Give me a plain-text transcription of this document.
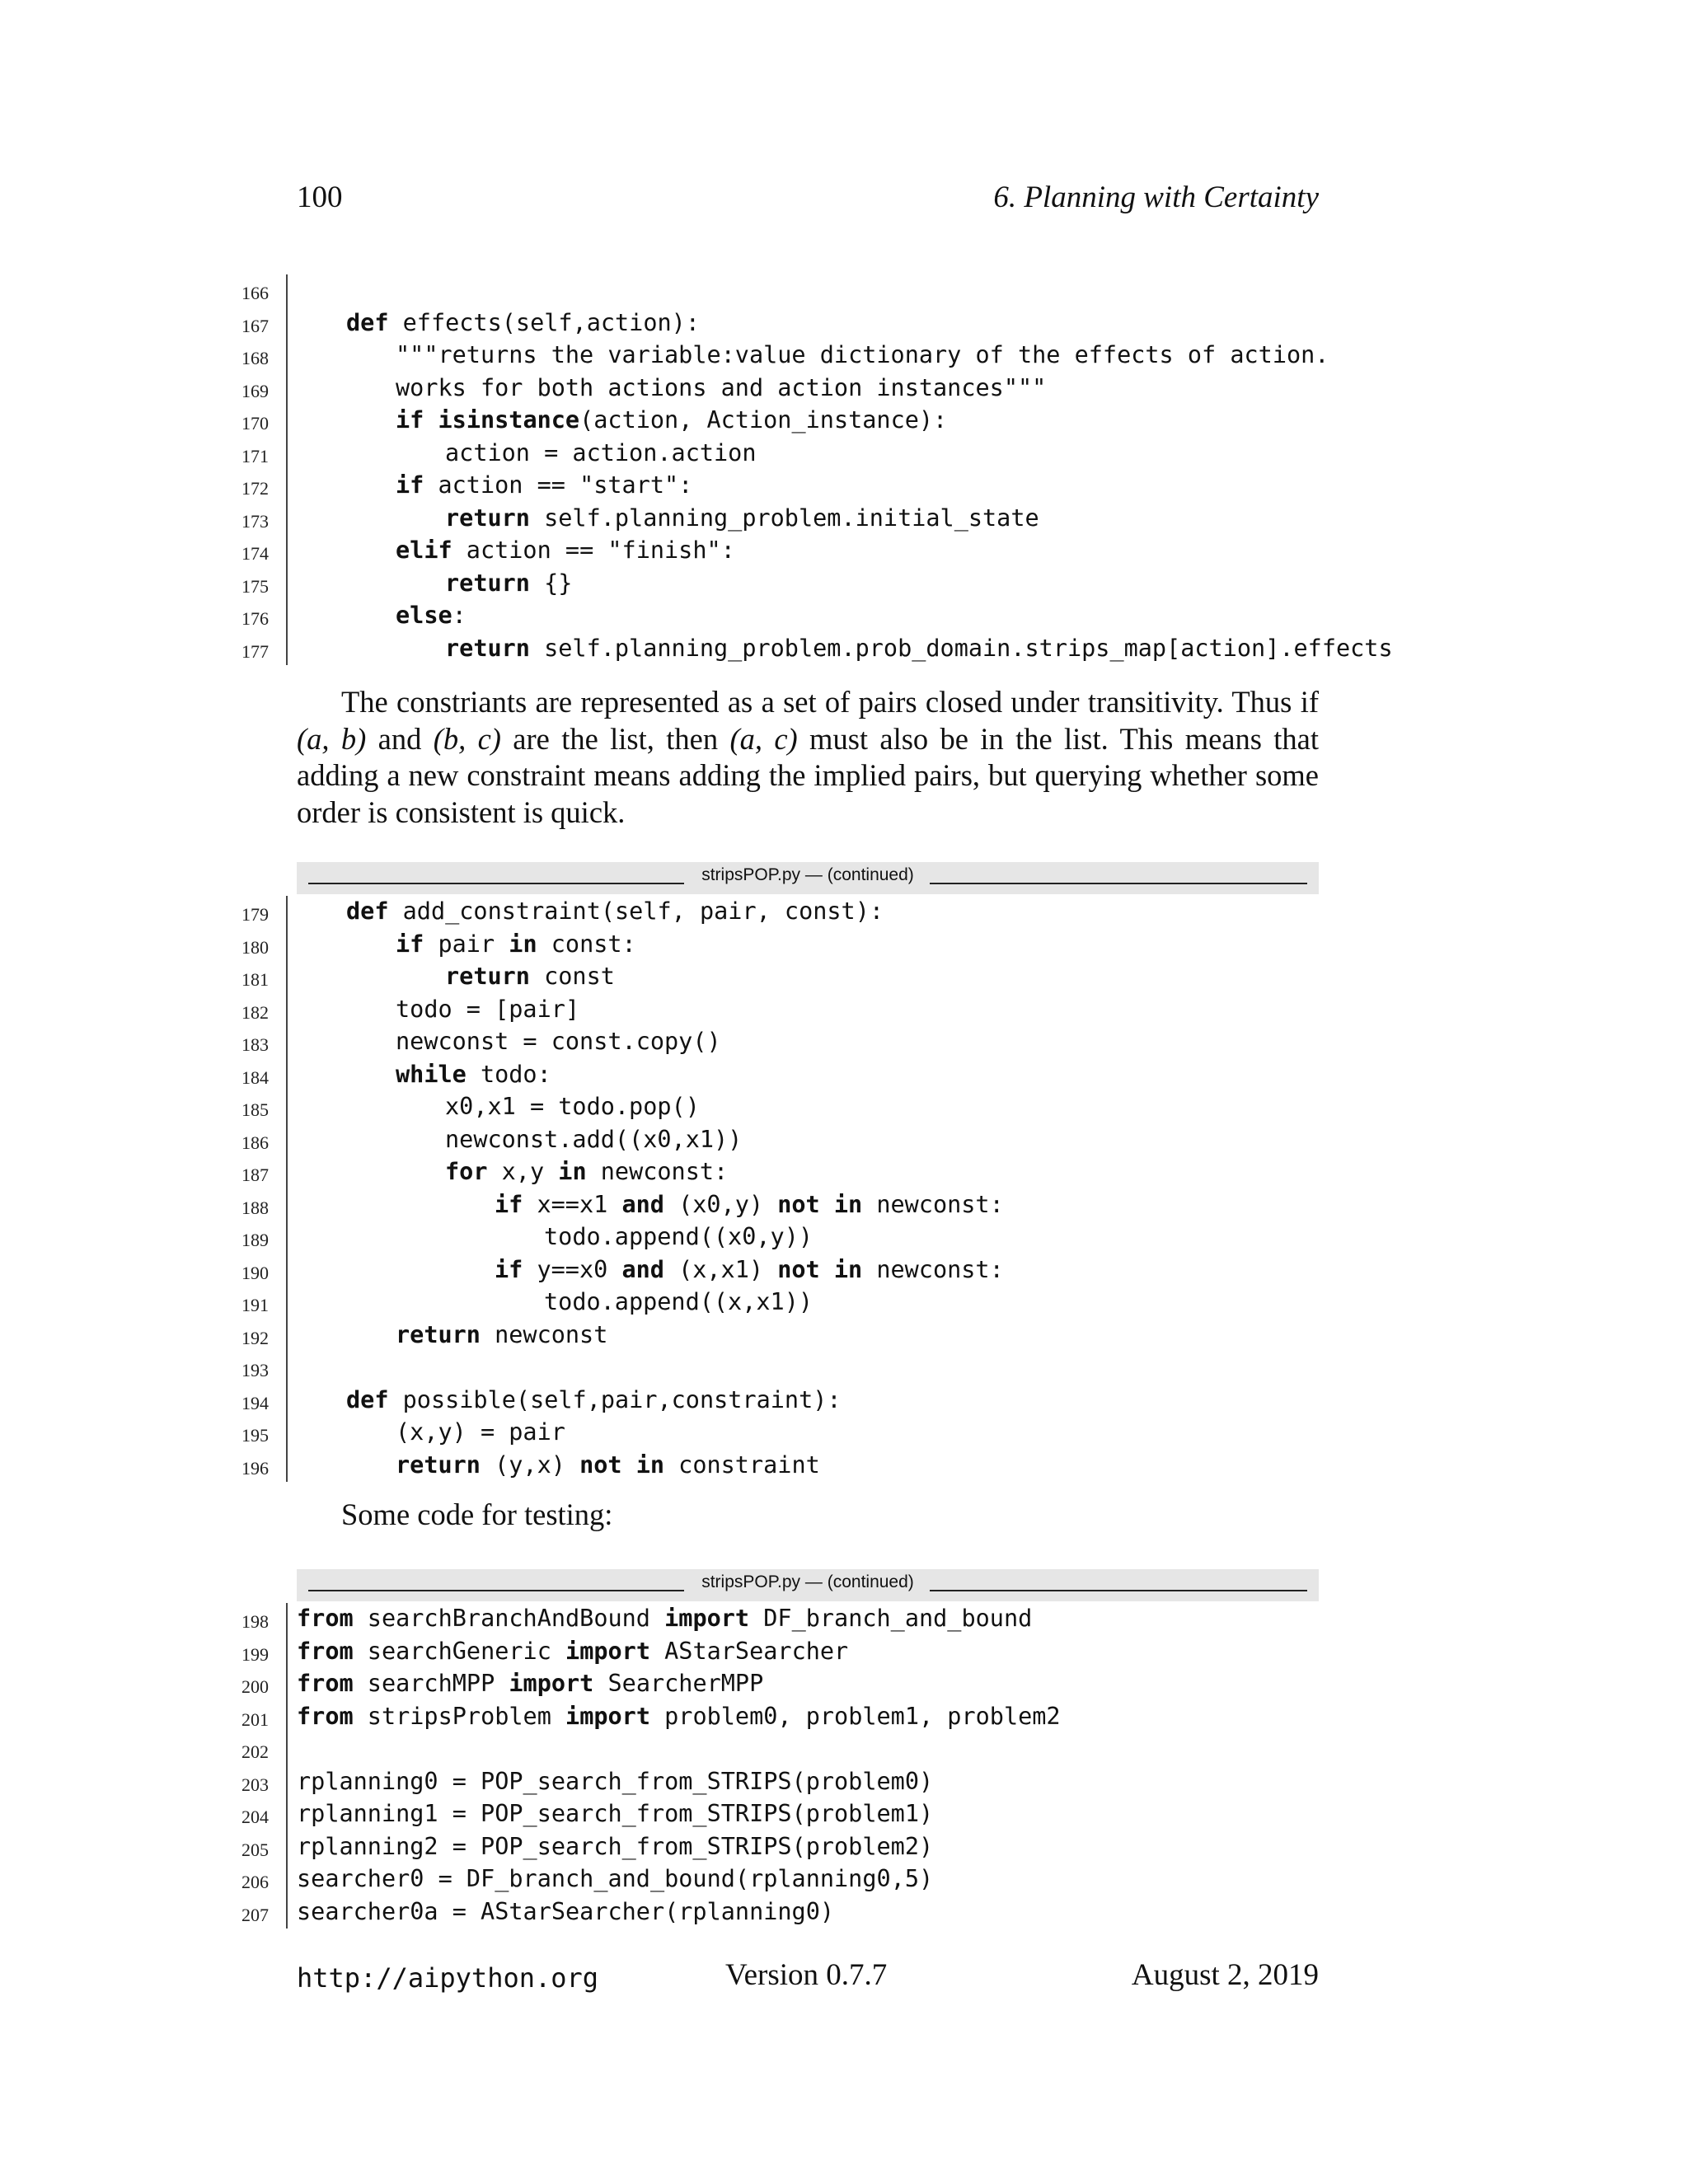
100	6. Planning with Certainty
166
167	def effects(self,action):
168	"""returns the variable:value dictionary of the effects of action.
169	works for both actions and action instances"""
170	if isinstance(action, Action_instance):
171	action = action.action
172	if action == "start":
173	return self.planning_problem.initial_state
174	elif action == "finish":
175	return {}
176	else:
177	return self.planning_problem.prob_domain.strips_map[action].effects

The constriants are represented as a set of pairs closed under transitivity. Thus if (a, b) and (b, c) are the list, then (a, c) must also be in the list. This means that adding a new constraint means adding the implied pairs, but querying whether some order is consistent is quick.

stripsPOP.py — (continued)
179	def add_constraint(self, pair, const):
180	if pair in const:
181	return const
182	todo = [pair]
183	newconst = const.copy()
184	while todo:
185	x0,x1 = todo.pop()
186	newconst.add((x0,x1))
187	for x,y in newconst:
188	if x==x1 and (x0,y) not in newconst:
189	todo.append((x0,y))
190	if y==x0 and (x,x1) not in newconst:
191	todo.append((x,x1))
192	return newconst
193
194	def possible(self,pair,constraint):
195	(x,y) = pair
196	return (y,x) not in constraint

Some code for testing:

stripsPOP.py — (continued)
198 from searchBranchAndBound import DF_branch_and_bound
199 from searchGeneric import AStarSearcher
200 from searchMPP import SearcherMPP
201 from stripsProblem import problem0, problem1, problem2
202
203 rplanning0 = POP_search_from_STRIPS(problem0)
204 rplanning1 = POP_search_from_STRIPS(problem1)
205 rplanning2 = POP_search_from_STRIPS(problem2)
206 searcher0 = DF_branch_and_bound(rplanning0,5)
207 searcher0a = AStarSearcher(rplanning0)
http://aipython.org	Version 0.7.7	August 2, 2019
